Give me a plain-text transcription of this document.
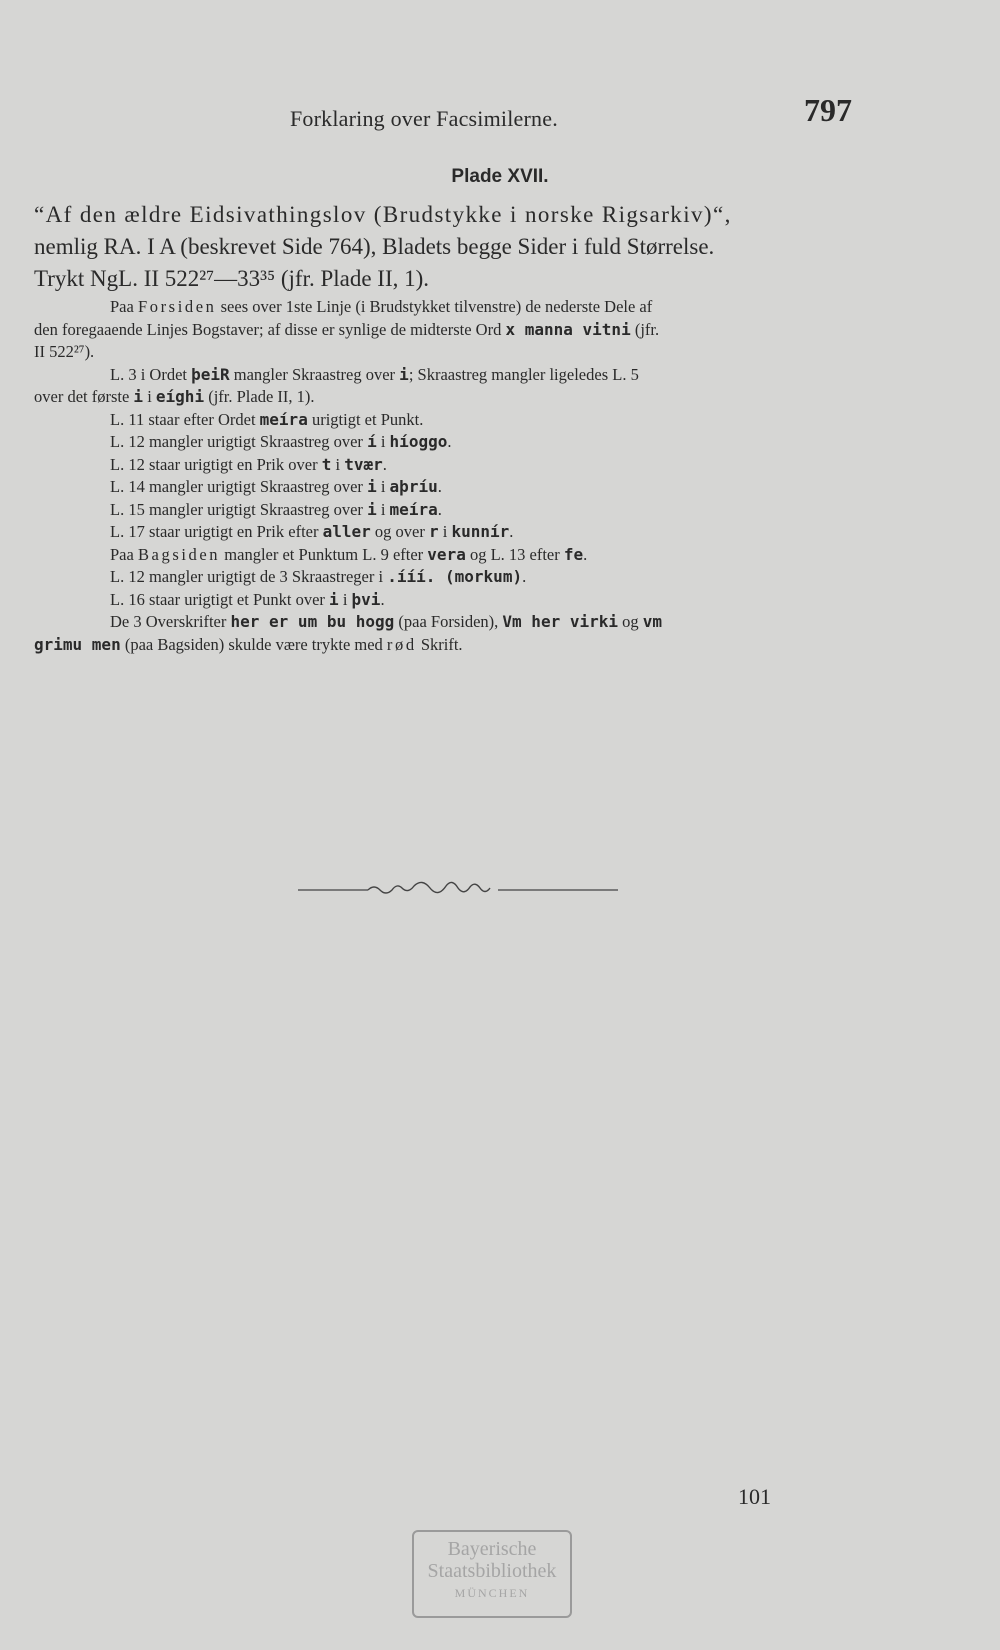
Forklaring over Facsimilerne.	797
Plade XVII.
“Af den ældre Eidsivathingslov (Brudstykke i norske Rigsarkiv)“,
nemlig RA. I A (beskrevet Side 764), Bladets begge Sider i fuld Størrelse.
Trykt NgL. II 522²⁷—33³⁵ (jfr. Plade II, 1).

Paa Forsiden sees over 1ste Linje (i Brudstykket tilvenstre) de nederste Dele af

den foregaaende Linjes Bogstaver; af disse er synlige de midterste Ord x manna vitni (jfr.

II 522²⁷).

L. 3 i Ordet þeiR mangler Skraastreg over i; Skraastreg mangler ligeledes L. 5

over det første i i eíghi (jfr. Plade II, 1).

L. 11 staar efter Ordet meíra urigtigt et Punkt.

L. 12 mangler urigtigt Skraastreg over í i híoggo.

L. 12 staar urigtigt en Prik over t i tvær.

L. 14 mangler urigtigt Skraastreg over i i aþríu.

L. 15 mangler urigtigt Skraastreg over i i meíra.

L. 17 staar urigtigt en Prik efter aller og over r i kunnír.

Paa Bagsiden mangler et Punktum L. 9 efter vera og L. 13 efter fe.

L. 12 mangler urigtigt de 3 Skraastreger i .ííí. (morkum).

L. 16 staar urigtigt et Punkt over i i þvi.

De 3 Overskrifter her er um bu hogg (paa Forsiden), Vm her virki og vm

grimu men (paa Bagsiden) skulde være trykte med rød Skrift.

101
Bayerische
Staatsbibliothek
MÜNCHEN
